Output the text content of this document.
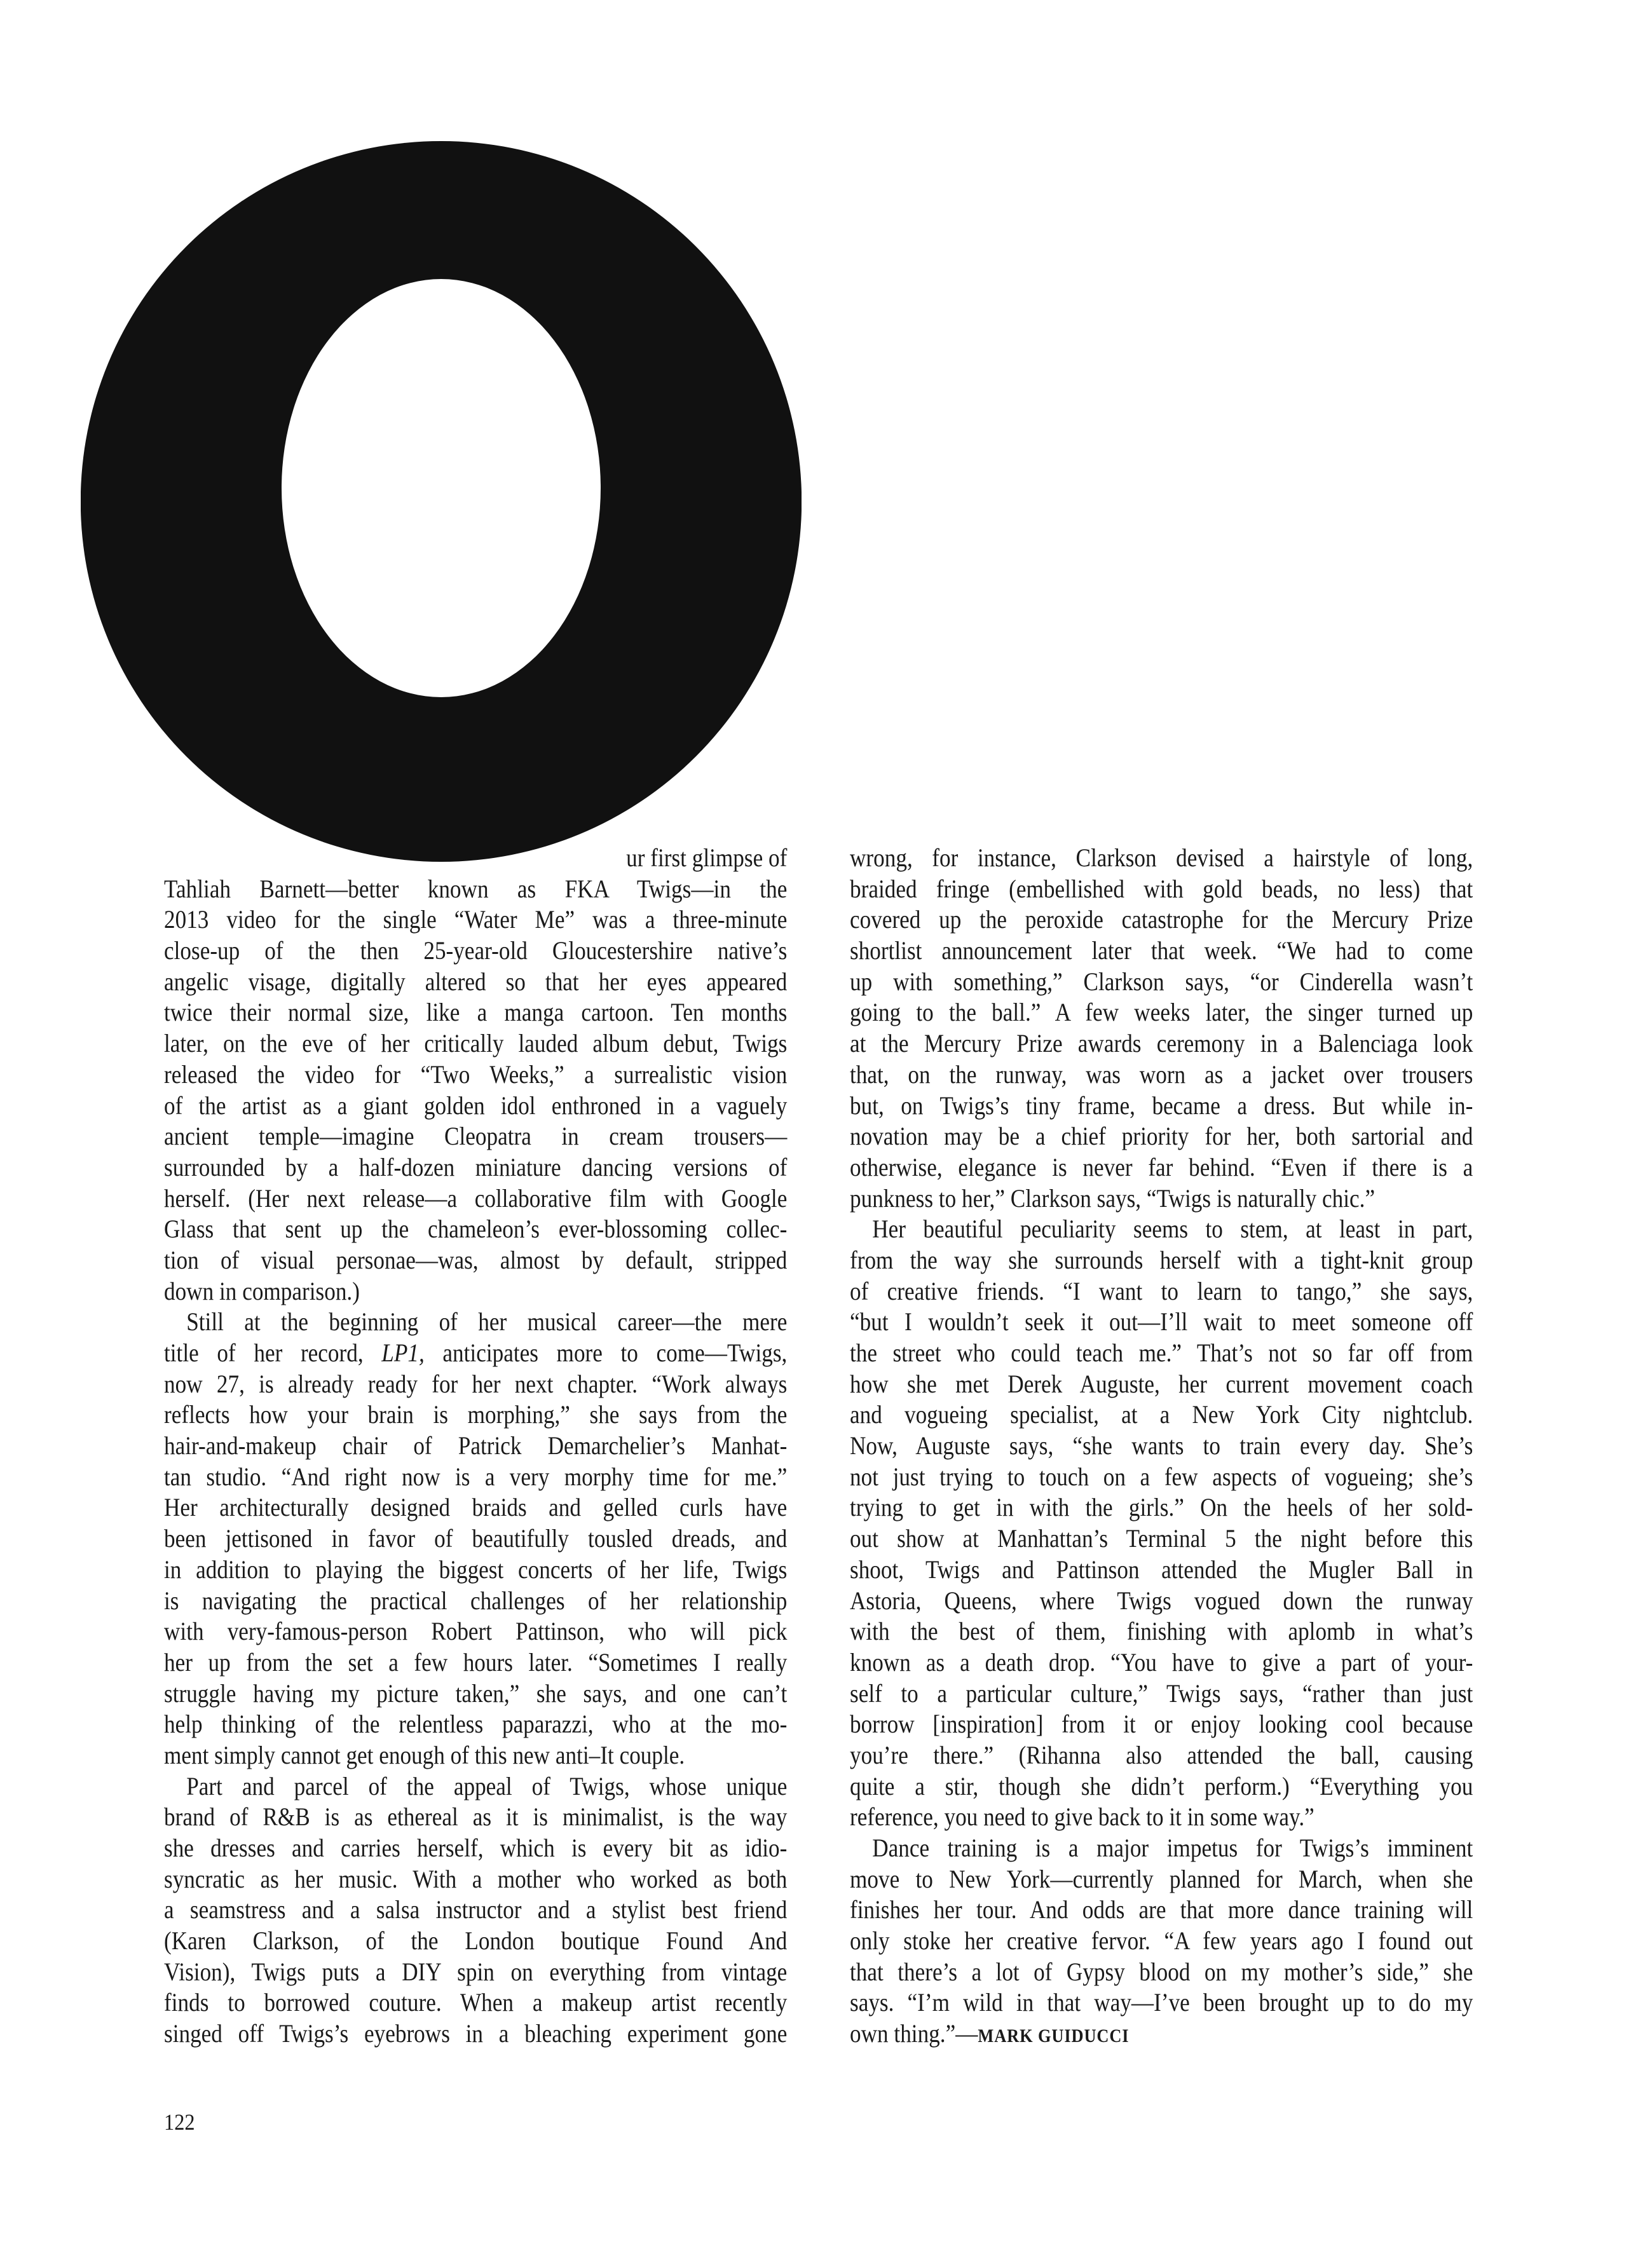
ur first glimpse of
Tahliah Barnett—better known as FKA Twigs—in the
2013 video for the single “Water Me” was a three-minute
close-up of the then 25-year-old Gloucestershire native’s
angelic visage, digitally altered so that her eyes appeared
twice their normal size, like a manga cartoon. Ten months
later, on the eve of her critically lauded album debut, Twigs
released the video for “Two Weeks,” a surrealistic vision
of the artist as a giant golden idol enthroned in a vaguely
ancient temple—imagine Cleopatra in cream trousers—
surrounded by a half-dozen miniature dancing versions of
herself. (Her next release—a collaborative film with Google
Glass that sent up the chameleon’s ever-blossoming collec-
tion of visual personae—was, almost by default, stripped
down in comparison.)
Still at the beginning of her musical career—the mere
title of her record, LP1, anticipates more to come—Twigs,
now 27, is already ready for her next chapter. “Work always
reflects how your brain is morphing,” she says from the
hair-and-makeup chair of Patrick Demarchelier’s Manhat-
tan studio. “And right now is a very morphy time for me.”
Her architecturally designed braids and gelled curls have
been jettisoned in favor of beautifully tousled dreads, and
in addition to playing the biggest concerts of her life, Twigs
is navigating the practical challenges of her relationship
with very-famous-person Robert Pattinson, who will pick
her up from the set a few hours later. “Sometimes I really
struggle having my picture taken,” she says, and one can’t
help thinking of the relentless paparazzi, who at the mo-
ment simply cannot get enough of this new anti–It couple.
Part and parcel of the appeal of Twigs, whose unique
brand of R&B is as ethereal as it is minimalist, is the way
she dresses and carries herself, which is every bit as idio-
syncratic as her music. With a mother who worked as both
a seamstress and a salsa instructor and a stylist best friend
(Karen Clarkson, of the London boutique Found And
Vision), Twigs puts a DIY spin on everything from vintage
finds to borrowed couture. When a makeup artist recently
singed off Twigs’s eyebrows in a bleaching experiment gone
wrong, for instance, Clarkson devised a hairstyle of long,
braided fringe (embellished with gold beads, no less) that
covered up the peroxide catastrophe for the Mercury Prize
shortlist announcement later that week. “We had to come
up with something,” Clarkson says, “or Cinderella wasn’t
going to the ball.” A few weeks later, the singer turned up
at the Mercury Prize awards ceremony in a Balenciaga look
that, on the runway, was worn as a jacket over trousers
but, on Twigs’s tiny frame, became a dress. But while in-
novation may be a chief priority for her, both sartorial and
otherwise, elegance is never far behind. “Even if there is a
punkness to her,” Clarkson says, “Twigs is naturally chic.”
Her beautiful peculiarity seems to stem, at least in part,
from the way she surrounds herself with a tight-knit group
of creative friends. “I want to learn to tango,” she says,
“but I wouldn’t seek it out—I’ll wait to meet someone off
the street who could teach me.” That’s not so far off from
how she met Derek Auguste, her current movement coach
and vogueing specialist, at a New York City nightclub.
Now, Auguste says, “she wants to train every day. She’s
not just trying to touch on a few aspects of vogueing; she’s
trying to get in with the girls.” On the heels of her sold-
out show at Manhattan’s Terminal 5 the night before this
shoot, Twigs and Pattinson attended the Mugler Ball in
Astoria, Queens, where Twigs vogued down the runway
with the best of them, finishing with aplomb in what’s
known as a death drop. “You have to give a part of your-
self to a particular culture,” Twigs says, “rather than just
borrow [inspiration] from it or enjoy looking cool because
you’re there.” (Rihanna also attended the ball, causing
quite a stir, though she didn’t perform.) “Everything you
reference, you need to give back to it in some way.”
Dance training is a major impetus for Twigs’s imminent
move to New York—currently planned for March, when she
finishes her tour. And odds are that more dance training will
only stoke her creative fervor. “A few years ago I found out
that there’s a lot of Gypsy blood on my mother’s side,” she
says. “I’m wild in that way—I’ve been brought up to do my
own thing.”—MARK GUIDUCCI
122
